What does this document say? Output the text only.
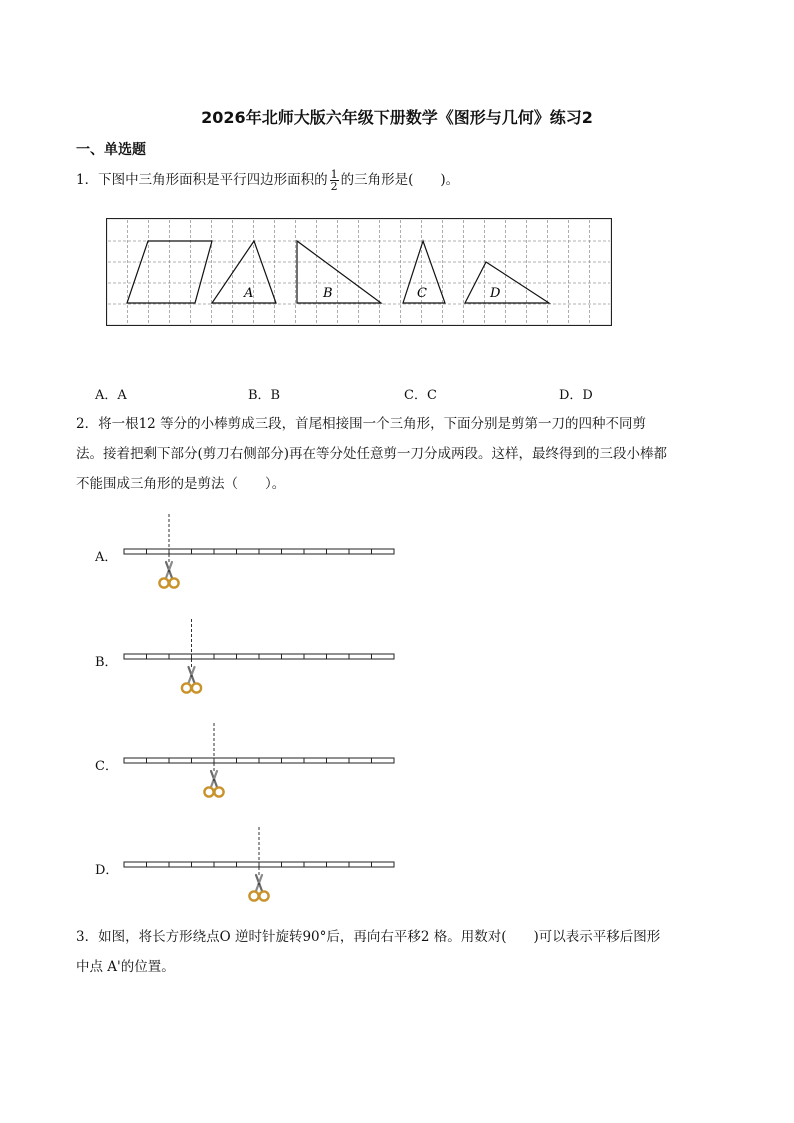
2026年北师大版六年级下册数学《图形与几何》练习2
一、单选题
1．下图中三角形面积是平行四边形面积的 $\frac{1}{2}$ 的三角形是(　　)。
A	B	C	D
A．A	B．B	C．C	D．D
2．将一根12 等分的小棒剪成三段，首尾相接围一个三角形，下面分别是剪第一刀的四种不同剪
法。接着把剩下部分(剪刀右侧部分)再在等分处任意剪一刀分成两段。这样，最终得到的三段小棒都
不能围成三角形的是剪法（　　）。
A．
B．
C．
D．
3．如图，将长方形绕点O 逆时针旋转90°后，再向右平移2 格。用数对(　　)可以表示平移后图形
中点 A'的位置。
